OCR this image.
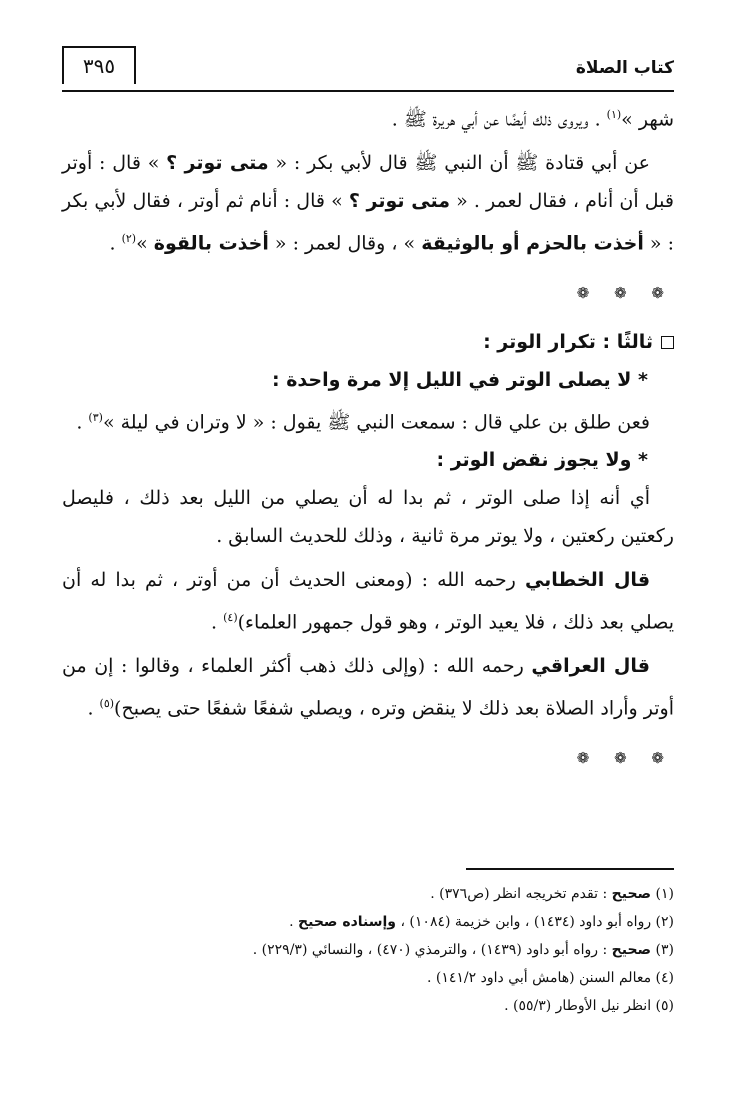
كتاب الصلاة
٣٩٥

شهر »$^{(١)}$ . ويروى ذلك أيضًا عن أبي هريرة ﷺ .

عن أبي قتادة ﷺ أن النبي ﷺ قال لأبي بكر : « متى توتر ؟ » قال : أوتر قبل أن أنام ، فقال لعمر . « متى توتر ؟ » قال : أنام ثم أوتر ، فقال لأبي بكر : « أخذت بالحزم أو بالوثيقة » ، وقال لعمر : « أخذت بالقوة »$^{(٢)}$ .

❁ ❁ ❁
ثالثًا : تكرار الوتر :
* لا يصلى الوتر في الليل إلا مرة واحدة :

فعن طلق بن علي قال : سمعت النبي ﷺ يقول : « لا وتران في ليلة »$^{(٣)}$ .

* ولا يجوز نقض الوتر :

أي أنه إذا صلى الوتر ، ثم بدا له أن يصلي من الليل بعد ذلك ، فليصل ركعتين ركعتين ، ولا يوتر مرة ثانية ، وذلك للحديث السابق .

قال الخطابي رحمه الله : (ومعنى الحديث أن من أوتر ، ثم بدا له أن يصلي بعد ذلك ، فلا يعيد الوتر ، وهو قول جمهور العلماء)$^{(٤)}$ .

قال العراقي رحمه الله : (وإلى ذلك ذهب أكثر العلماء ، وقالوا : إن من أوتر وأراد الصلاة بعد ذلك لا ينقض وتره ، ويصلي شفعًا شفعًا حتى يصبح)$^{(٥)}$ .

❁ ❁ ❁
(١) صحيح : تقدم تخريجه انظر (ص٣٧٦) .
(٢) رواه أبو داود (١٤٣٤) ، وابن خزيمة (١٠٨٤) ، وإسناده صحيح .
(٣) صحيح : رواه أبو داود (١٤٣٩) ، والترمذي (٤٧٠) ، والنسائي (٢٢٩/٣) .
(٤) معالم السنن (هامش أبي داود ١٤١/٢) .
(٥) انظر نيل الأوطار (٥٥/٣) .
